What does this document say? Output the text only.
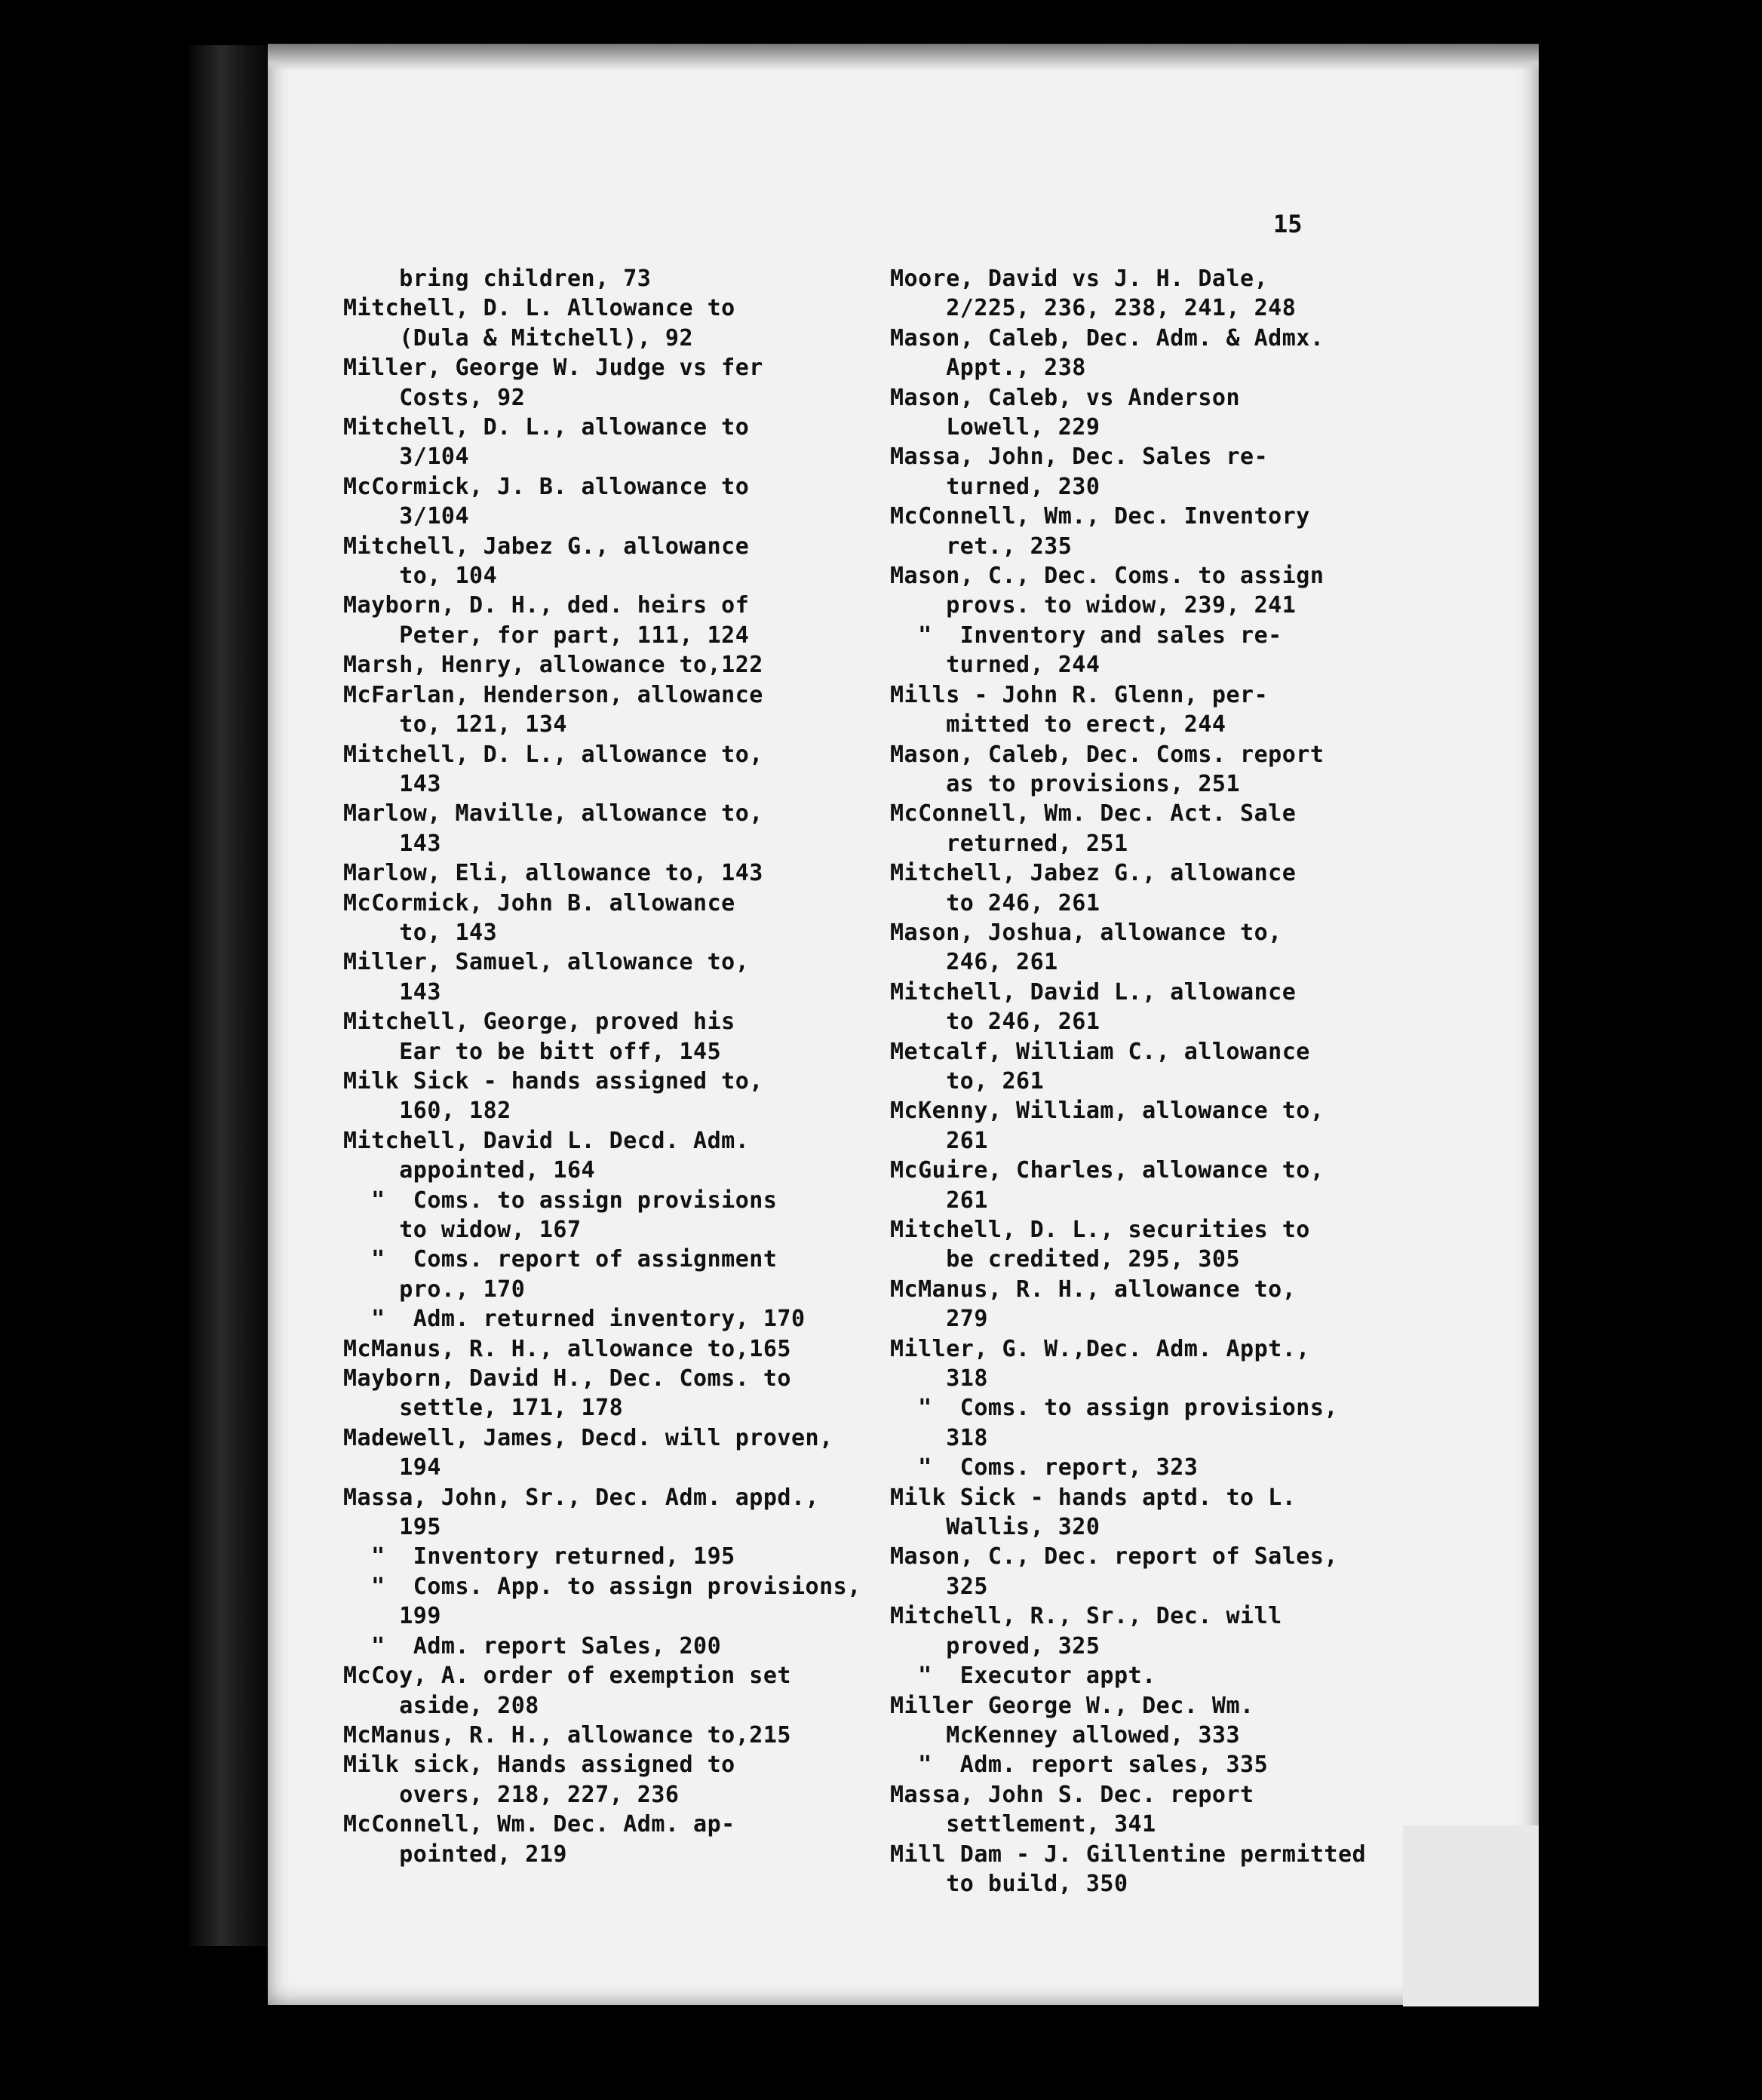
15
bring children, 73
Mitchell, D. L. Allowance to
(Dula & Mitchell), 92
Miller, George W. Judge vs fer
Costs, 92
Mitchell, D. L., allowance to
3/104
McCormick, J. B. allowance to
3/104
Mitchell, Jabez G., allowance
to, 104
Mayborn, D. H., ded. heirs of
Peter, for part, 111, 124
Marsh, Henry, allowance to,122
McFarlan, Henderson, allowance
to, 121, 134
Mitchell, D. L., allowance to,
143
Marlow, Maville, allowance to,
143
Marlow, Eli, allowance to, 143
McCormick, John B. allowance
to, 143
Miller, Samuel, allowance to,
143
Mitchell, George, proved his
Ear to be bitt off, 145
Milk Sick - hands assigned to,
160, 182
Mitchell, David L. Decd. Adm.
appointed, 164
"  Coms. to assign provisions
to widow, 167
"  Coms. report of assignment
pro., 170
"  Adm. returned inventory, 170
McManus, R. H., allowance to,165
Mayborn, David H., Dec. Coms. to
settle, 171, 178
Madewell, James, Decd. will proven,
194
Massa, John, Sr., Dec. Adm. appd.,
195
"  Inventory returned, 195
"  Coms. App. to assign provisions,
199
"  Adm. report Sales, 200
McCoy, A. order of exemption set
aside, 208
McManus, R. H., allowance to,215
Milk sick, Hands assigned to
overs, 218, 227, 236
McConnell, Wm. Dec. Adm. ap-
pointed, 219
Moore, David vs J. H. Dale,
2/225, 236, 238, 241, 248
Mason, Caleb, Dec. Adm. & Admx.
Appt., 238
Mason, Caleb, vs Anderson
Lowell, 229
Massa, John, Dec. Sales re-
turned, 230
McConnell, Wm., Dec. Inventory
ret., 235
Mason, C., Dec. Coms. to assign
provs. to widow, 239, 241
"  Inventory and sales re-
turned, 244
Mills - John R. Glenn, per-
mitted to erect, 244
Mason, Caleb, Dec. Coms. report
as to provisions, 251
McConnell, Wm. Dec. Act. Sale
returned, 251
Mitchell, Jabez G., allowance
to 246, 261
Mason, Joshua, allowance to,
246, 261
Mitchell, David L., allowance
to 246, 261
Metcalf, William C., allowance
to, 261
McKenny, William, allowance to,
261
McGuire, Charles, allowance to,
261
Mitchell, D. L., securities to
be credited, 295, 305
McManus, R. H., allowance to,
279
Miller, G. W.,Dec. Adm. Appt.,
318
"  Coms. to assign provisions,
318
"  Coms. report, 323
Milk Sick - hands aptd. to L.
Wallis, 320
Mason, C., Dec. report of Sales,
325
Mitchell, R., Sr., Dec. will
proved, 325
"  Executor appt.
Miller George W., Dec. Wm.
McKenney allowed, 333
"  Adm. report sales, 335
Massa, John S. Dec. report
settlement, 341
Mill Dam - J. Gillentine permitted
to build, 350
